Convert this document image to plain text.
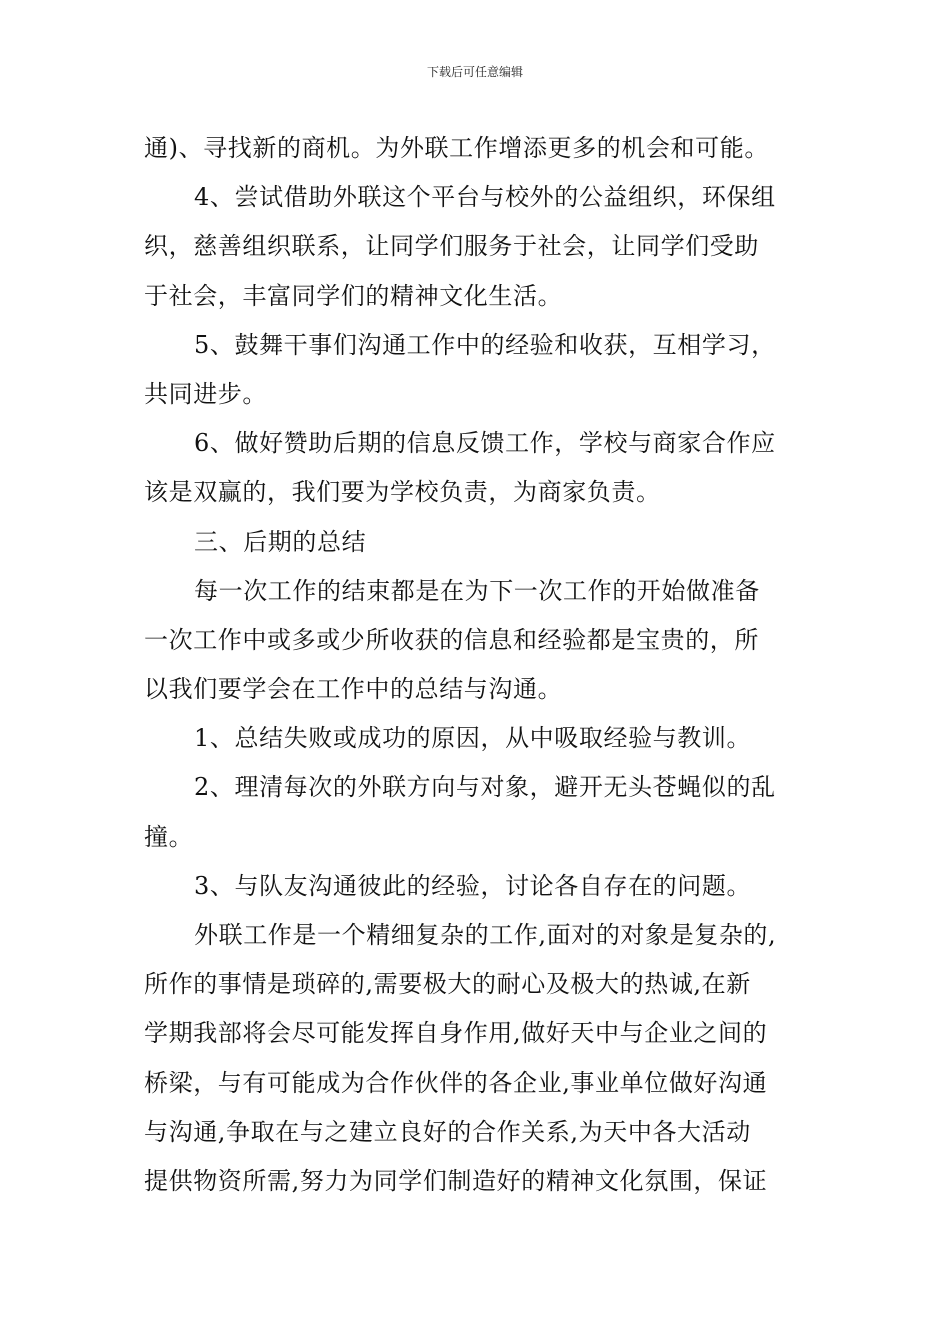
下载后可任意编辑
通)、寻找新的商机。为外联工作增添更多的机会和可能。
4、尝试借助外联这个平台与校外的公益组织，环保组
织，慈善组织联系，让同学们服务于社会，让同学们受助
于社会，丰富同学们的精神文化生活。
5、鼓舞干事们沟通工作中的经验和收获，互相学习，
共同进步。
6、做好赞助后期的信息反馈工作，学校与商家合作应
该是双赢的，我们要为学校负责，为商家负责。
三、后期的总结
每一次工作的结束都是在为下一次工作的开始做准备
一次工作中或多或少所收获的信息和经验都是宝贵的，所
以我们要学会在工作中的总结与沟通。
1、总结失败或成功的原因，从中吸取经验与教训。
2、理清每次的外联方向与对象，避开无头苍蝇似的乱
撞。
3、与队友沟通彼此的经验，讨论各自存在的问题。
外联工作是一个精细复杂的工作,面对的对象是复杂的,
所作的事情是琐碎的,需要极大的耐心及极大的热诚,在新
学期我部将会尽可能发挥自身作用,做好天中与企业之间的
桥梁，与有可能成为合作伙伴的各企业,事业单位做好沟通
与沟通,争取在与之建立良好的合作关系,为天中各大活动
提供物资所需,努力为同学们制造好的精神文化氛围，保证
